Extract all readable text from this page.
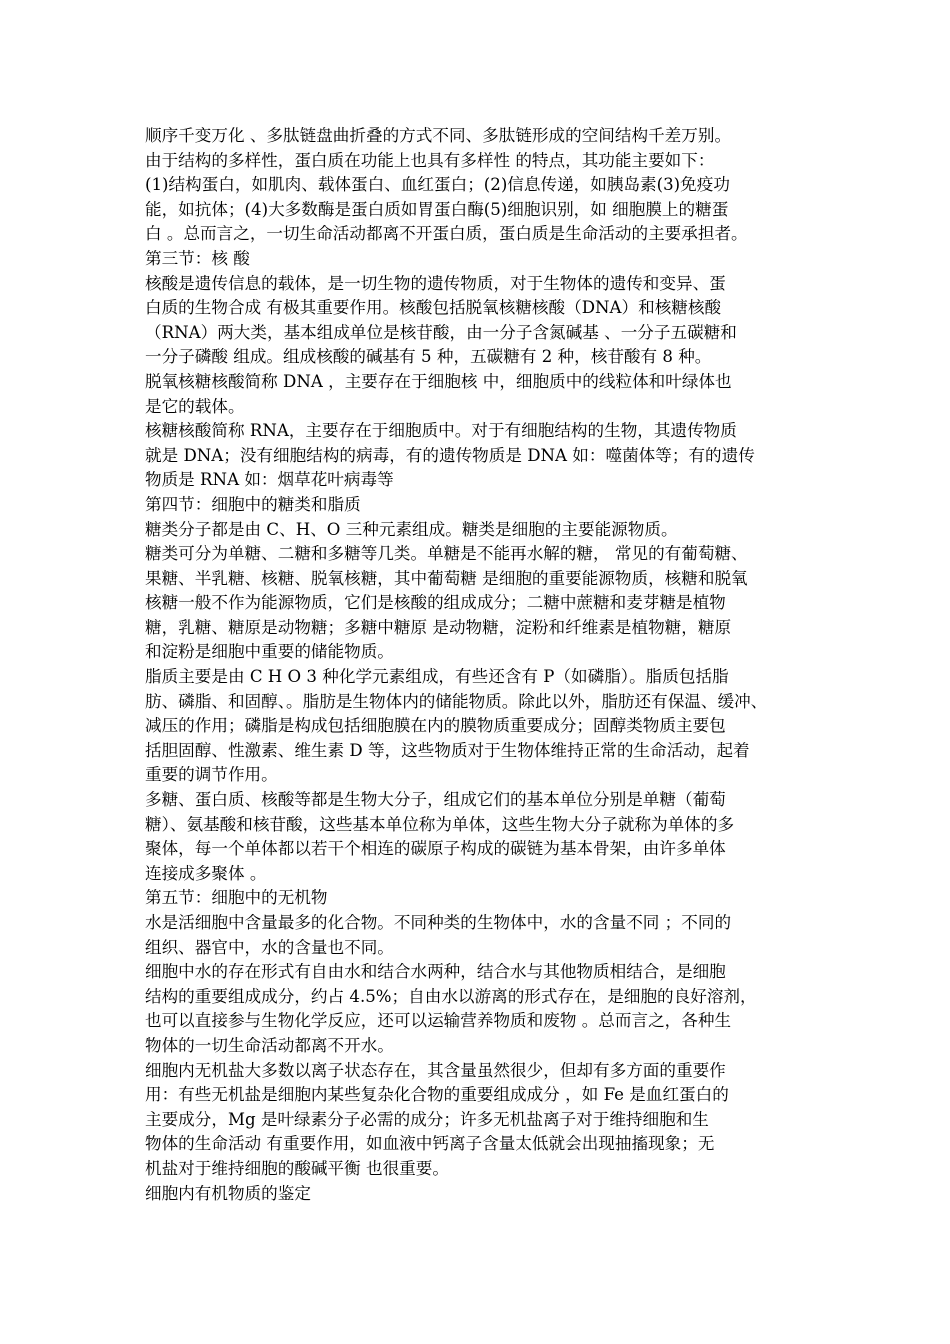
顺序千变万化 、多肽链盘曲折叠的方式不同、多肽链形成的空间结构千差万别。
由于结构的多样性，蛋白质在功能上也具有多样性 的特点，其功能主要如下：
(1)结构蛋白，如肌肉、载体蛋白、血红蛋白；(2)信息传递，如胰岛素(3)免疫功
能，如抗体；(4)大多数酶是蛋白质如胃蛋白酶(5)细胞识别，如 细胞膜上的糖蛋
白 。总而言之，一切生命活动都离不开蛋白质，蛋白质是生命活动的主要承担者。
第三节：核 酸
核酸是遗传信息的载体，是一切生物的遗传物质，对于生物体的遗传和变异、蛋
白质的生物合成 有极其重要作用。核酸包括脱氧核糖核酸（DNA）和核糖核酸
（RNA）两大类，基本组成单位是核苷酸，由一分子含氮碱基 、一分子五碳糖和
一分子磷酸 组成。组成核酸的碱基有 5 种，五碳糖有 2 种，核苷酸有 8 种。
脱氧核糖核酸简称 DNA ，主要存在于细胞核 中，细胞质中的线粒体和叶绿体也
是它的载体。
核糖核酸简称 RNA，主要存在于细胞质中。对于有细胞结构的生物，其遗传物质
就是 DNA；没有细胞结构的病毒，有的遗传物质是 DNA 如：噬菌体等；有的遗传
物质是 RNA 如：烟草花叶病毒等
第四节：细胞中的糖类和脂质
糖类分子都是由 C、H、O 三种元素组成。糖类是细胞的主要能源物质。
糖类可分为单糖、二糖和多糖等几类。单糖是不能再水解的糖， 常见的有葡萄糖、
果糖、半乳糖、核糖、脱氧核糖，其中葡萄糖 是细胞的重要能源物质，核糖和脱氧
核糖一般不作为能源物质，它们是核酸的组成成分；二糖中蔗糖和麦芽糖是植物
糖，乳糖、糖原是动物糖；多糖中糖原 是动物糖，淀粉和纤维素是植物糖，糖原
和淀粉是细胞中重要的储能物质。
脂质主要是由 C H O 3 种化学元素组成，有些还含有 P（如磷脂）。脂质包括脂
肪、磷脂、和固醇、。脂肪是生物体内的储能物质。除此以外，脂肪还有保温、缓冲、
减压的作用；磷脂是构成包括细胞膜在内的膜物质重要成分；固醇类物质主要包
括胆固醇、性激素、维生素 D 等，这些物质对于生物体维持正常的生命活动，起着
重要的调节作用。
多糖、蛋白质、核酸等都是生物大分子，组成它们的基本单位分别是单糖（葡萄
糖）、氨基酸和核苷酸，这些基本单位称为单体，这些生物大分子就称为单体的多
聚体，每一个单体都以若干个相连的碳原子构成的碳链为基本骨架，由许多单体
连接成多聚体 。
第五节：细胞中的无机物
水是活细胞中含量最多的化合物。不同种类的生物体中，水的含量不同 ；不同的
组织、器官中，水的含量也不同。
细胞中水的存在形式有自由水和结合水两种，结合水与其他物质相结合，是细胞
结构的重要组成成分，约占 4.5%；自由水以游离的形式存在，是细胞的良好溶剂，
也可以直接参与生物化学反应，还可以运输营养物质和废物 。总而言之，各种生
物体的一切生命活动都离不开水。
细胞内无机盐大多数以离子状态存在，其含量虽然很少，但却有多方面的重要作
用：有些无机盐是细胞内某些复杂化合物的重要组成成分 ，如 Fe 是血红蛋白的
主要成分，Mg 是叶绿素分子必需的成分；许多无机盐离子对于维持细胞和生
物体的生命活动 有重要作用，如血液中钙离子含量太低就会出现抽搐现象；无
机盐对于维持细胞的酸碱平衡 也很重要。
细胞内有机物质的鉴定
